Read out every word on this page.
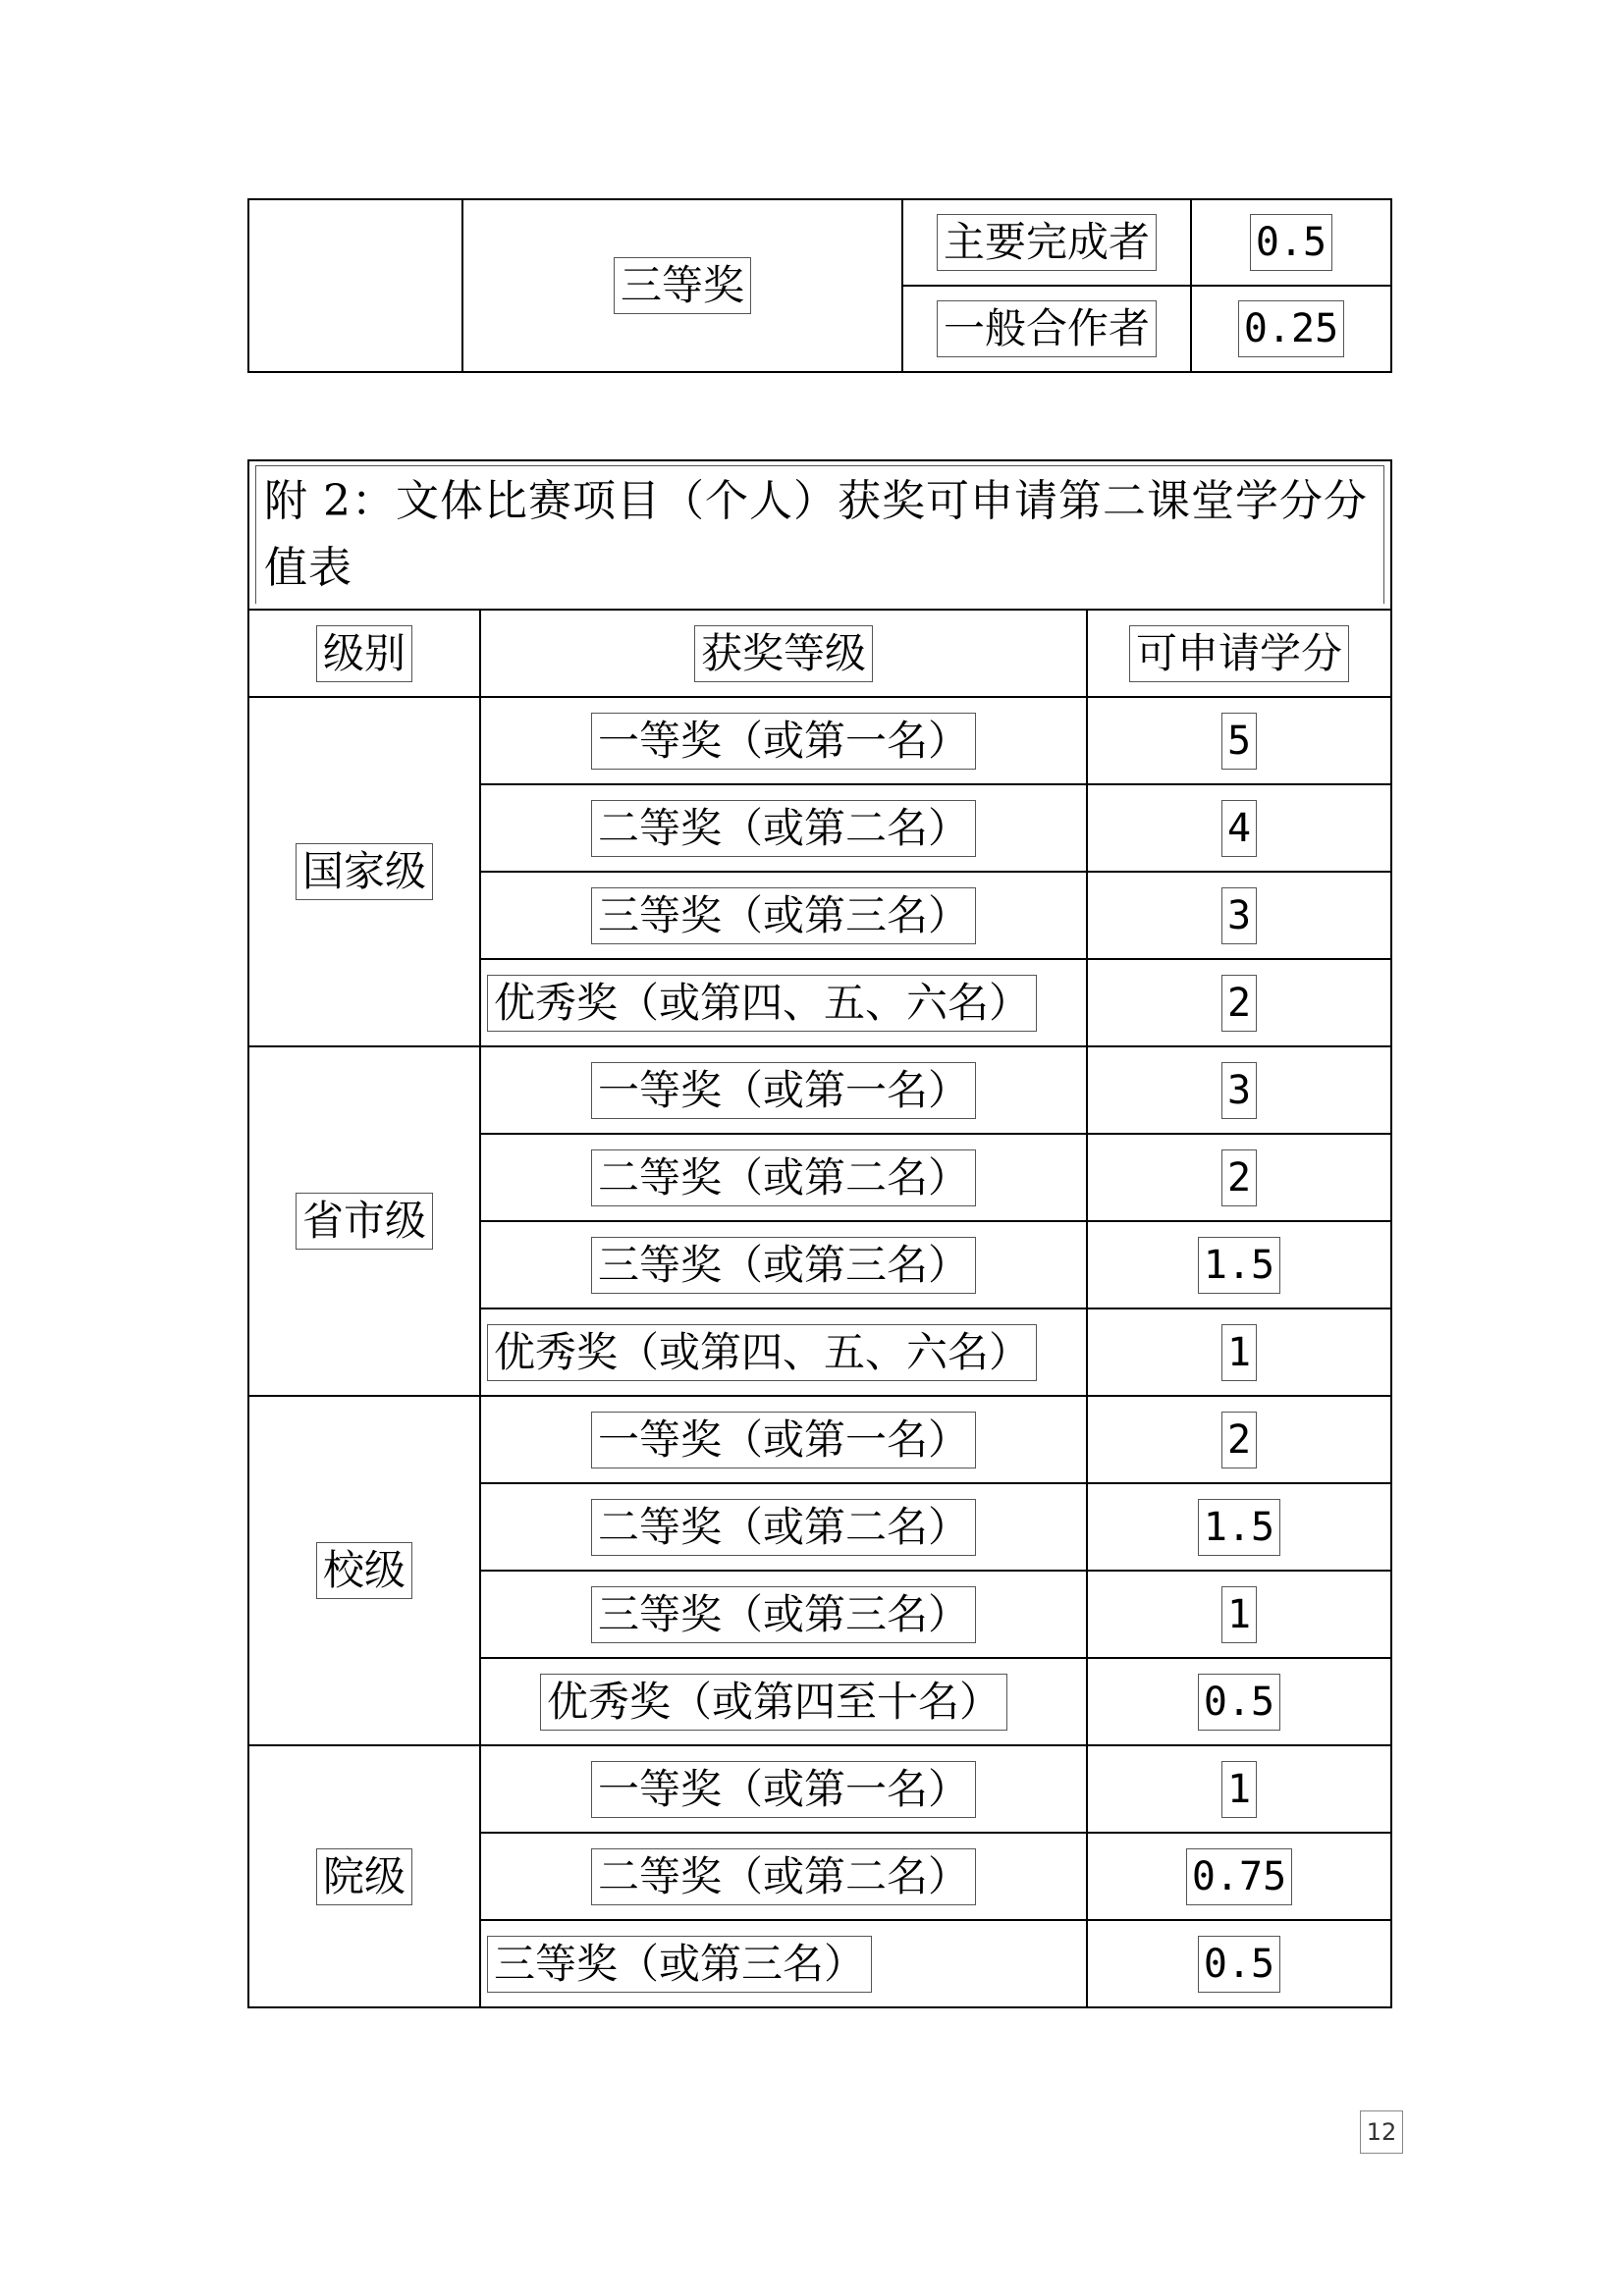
	三等奖	主要完成者	0.5
		一般合作者	0.25
附 2：文体比赛项目（个人）获奖可申请第二课堂学分分值表		

级别	获奖等级	可申请学分
国家级	一等奖（或第一名）	5
	二等奖（或第二名）	4
	三等奖（或第三名）	3
	优秀奖（或第四、五、六名）	2
省市级	一等奖（或第一名）	3
	二等奖（或第二名）	2
	三等奖（或第三名）	1.5
	优秀奖（或第四、五、六名）	1
校级	一等奖（或第一名）	2
	二等奖（或第二名）	1.5
	三等奖（或第三名）	1
	优秀奖（或第四至十名）	0.5
院级	一等奖（或第一名）	1
	二等奖（或第二名）	0.75
	三等奖（或第三名）	0.5
12
